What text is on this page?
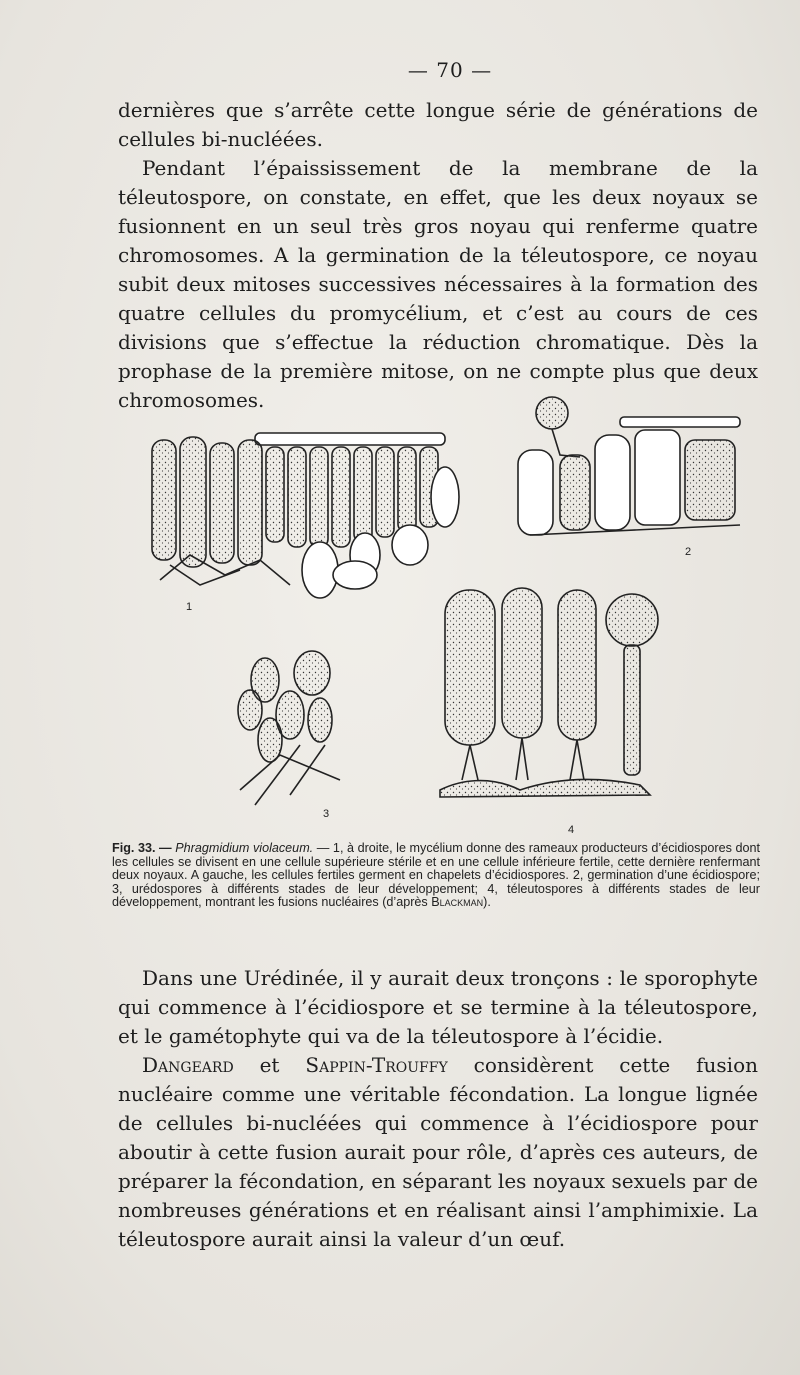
— 70 —

dernières que s’arrête cette longue série de générations de cellules bi-nucléées.

Pendant l’épaississement de la membrane de la téleutospore, on constate, en effet, que les deux noyaux se fusionnent en un seul très gros noyau qui renferme quatre chromosomes. A la germination de la téleutospore, ce noyau subit deux mitoses successives nécessaires à la formation des quatre cellules du promycélium, et c’est au cours de ces divisions que s’effectue la réduction chromatique. Dès la prophase de la première mitose, on ne compte plus que deux chromosomes.

1
2
3
4
Fig. 33. — Phragmidium violaceum. — 1, à droite, le mycélium donne des rameaux producteurs d’écidiospores dont les cellules se divisent en une cellule supérieure stérile et en une cellule inférieure fertile, cette dernière renfermant deux noyaux. A gauche, les cellules fertiles germent en chapelets d’écidiospores. 2, germination d’une écidiospore; 3, urédospores à différents stades de leur développement; 4, téleutospores à différents stades de leur développement, montrant les fusions nucléaires (d’après Blackman).

Dans une Urédinée, il y aurait deux tronçons : le sporophyte qui commence à l’écidiospore et se termine à la téleutospore, et le gamétophyte qui va de la téleutospore à l’écidie.

Dangeard et Sappin-Trouffy considèrent cette fusion nucléaire comme une véritable fécondation. La longue lignée de cellules bi-nucléées qui commence à l’écidiospore pour aboutir à cette fusion aurait pour rôle, d’après ces auteurs, de préparer la fécondation, en séparant les noyaux sexuels par de nombreuses générations et en réalisant ainsi l’amphimixie. La téleutospore aurait ainsi la valeur d’un œuf.
